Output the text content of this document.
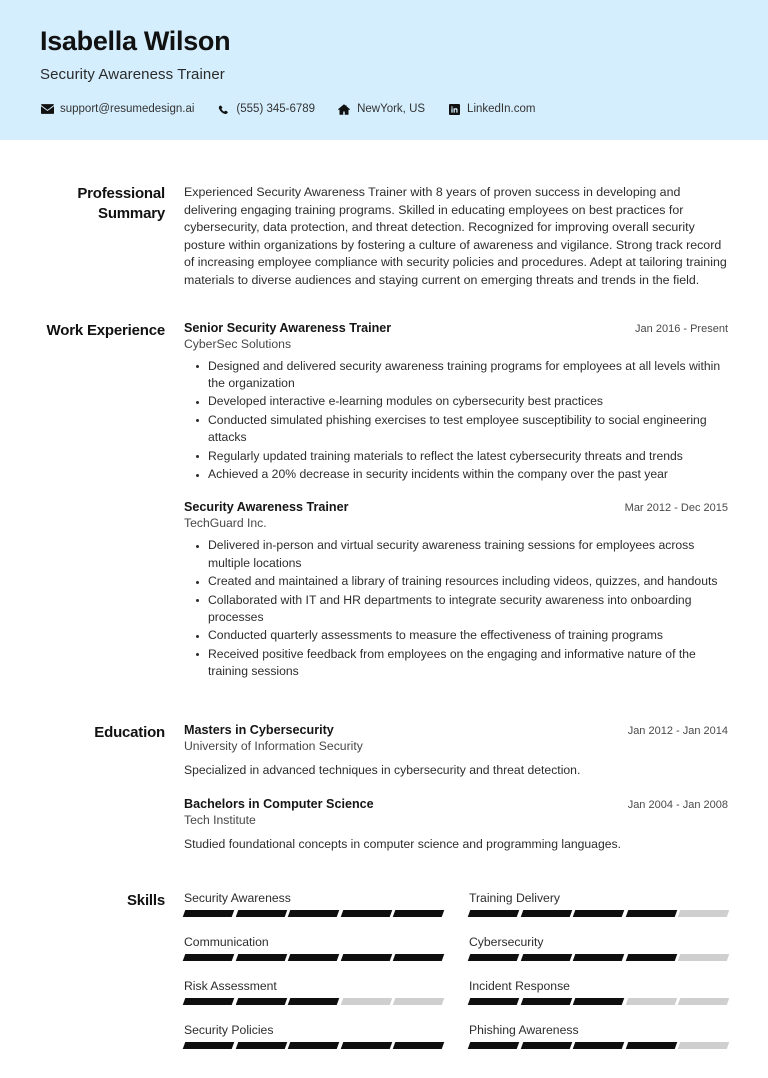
Isabella Wilson
Security Awareness Trainer
support@resumedesign.ai	(555) 345-6789	NewYork, US	LinkedIn.com
Professional Summary
Experienced Security Awareness Trainer with 8 years of proven success in developing and delivering engaging training programs. Skilled in educating employees on best practices for cybersecurity, data protection, and threat detection. Recognized for improving overall security posture within organizations by fostering a culture of awareness and vigilance. Strong track record of increasing employee compliance with security policies and procedures. Adept at tailoring training materials to diverse audiences and staying current on emerging threats and trends in the field.
Work Experience Senior Security Awareness Trainer	Jan 2016 - Present
CyberSec Solutions
Designed and delivered security awareness training programs for employees at all levels within the organization
Developed interactive e-learning modules on cybersecurity best practices
Conducted simulated phishing exercises to test employee susceptibility to social engineering attacks
Regularly updated training materials to reflect the latest cybersecurity threats and trends
Achieved a 20% decrease in security incidents within the company over the past year
Security Awareness Trainer	Mar 2012 - Dec 2015
TechGuard Inc.
Delivered in-person and virtual security awareness training sessions for employees across multiple locations
Created and maintained a library of training resources including videos, quizzes, and handouts
Collaborated with IT and HR departments to integrate security awareness into onboarding processes
Conducted quarterly assessments to measure the effectiveness of training programs
Received positive feedback from employees on the engaging and informative nature of the training sessions
Education Masters in Cybersecurity	Jan 2012 - Jan 2014
University of Information Security
Specialized in advanced techniques in cybersecurity and threat detection.
Bachelors in Computer Science	Jan 2004 - Jan 2008
Tech Institute
Studied foundational concepts in computer science and programming languages.
Skills Security Awareness	Training Delivery
Communication	Cybersecurity
Risk Assessment	Incident Response
Security Policies	Phishing Awareness
